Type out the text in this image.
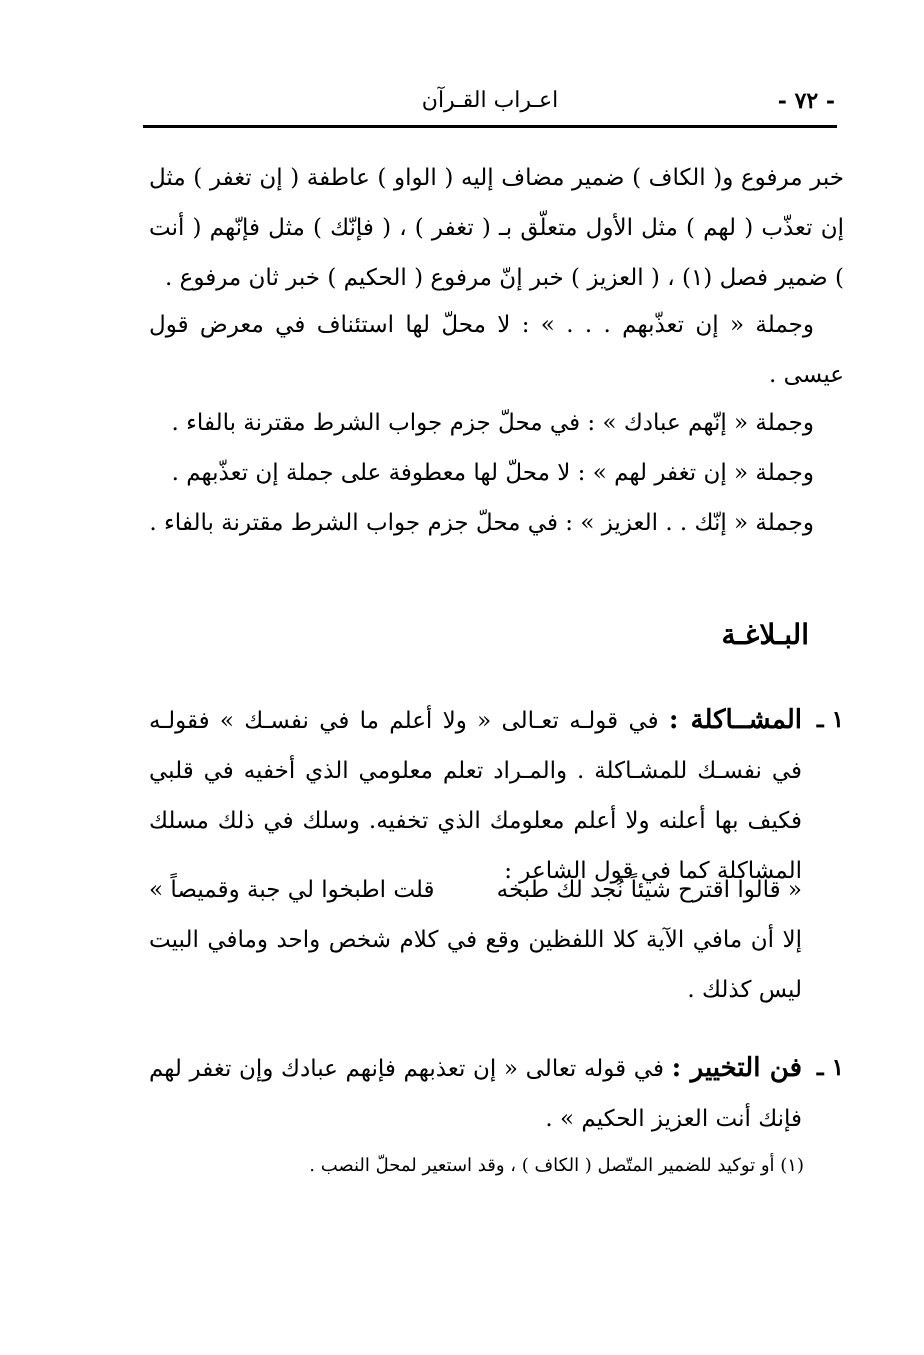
- ٧٢ -
اعـراب القـرآن
خبر مرفوع و( الكاف ) ضمير مضاف إليه ( الواو ) عاطفة ( إن تغفر ) مثل إن تعذّب ( لهم ) مثل الأول متعلّق بـ ( تغفر ) ، ( فإنّك ) مثل فإنّهم ( أنت ) ضمير فصل (١) ، ( العزيز ) خبر إنّ مرفوع ( الحكيم ) خبر ثان مرفوع .
وجملة « إن تعذّبهم . . . » : لا محلّ لها استئناف في معرض قول عيسى .
وجملة « إنّهم عبادك » : في محلّ جزم جواب الشرط مقترنة بالفاء .
وجملة « إن تغفر لهم » : لا محلّ لها معطوفة على جملة إن تعذّبهم .
وجملة « إنّك . . العزيز » : في محلّ جزم جواب الشرط مقترنة بالفاء .
البـلاغـة
١ ـ
المشــاكلة : في قولـه تعـالى « ولا أعلم ما في نفسـك » فقولـه في نفسـك للمشـاكلة . والمـراد تعلم معلومي الذي أخفيه في قلبي فكيف بها أعلنه ولا أعلم معلومك الذي تخفيه. وسلك في ذلك مسلك المشاكلة كما في قول الشاعر :
« قالوا اقترح شيئاً نُجد لك طبخه
قلت اطبخوا لي جبة وقميصاً »
إلا أن مافي الآية كلا اللفظين وقع في كلام شخص واحد ومافي البيت ليس كذلك .
١ ـ
فن التخيير : في قوله تعالى « إن تعذبهم فإنهم عبادك وإن تغفر لهم فإنك أنت العزيز الحكيم » .
(١) أو توكيد للضمير المتّصل ( الكاف ) ، وقد استعير لمحلّ النصب .
